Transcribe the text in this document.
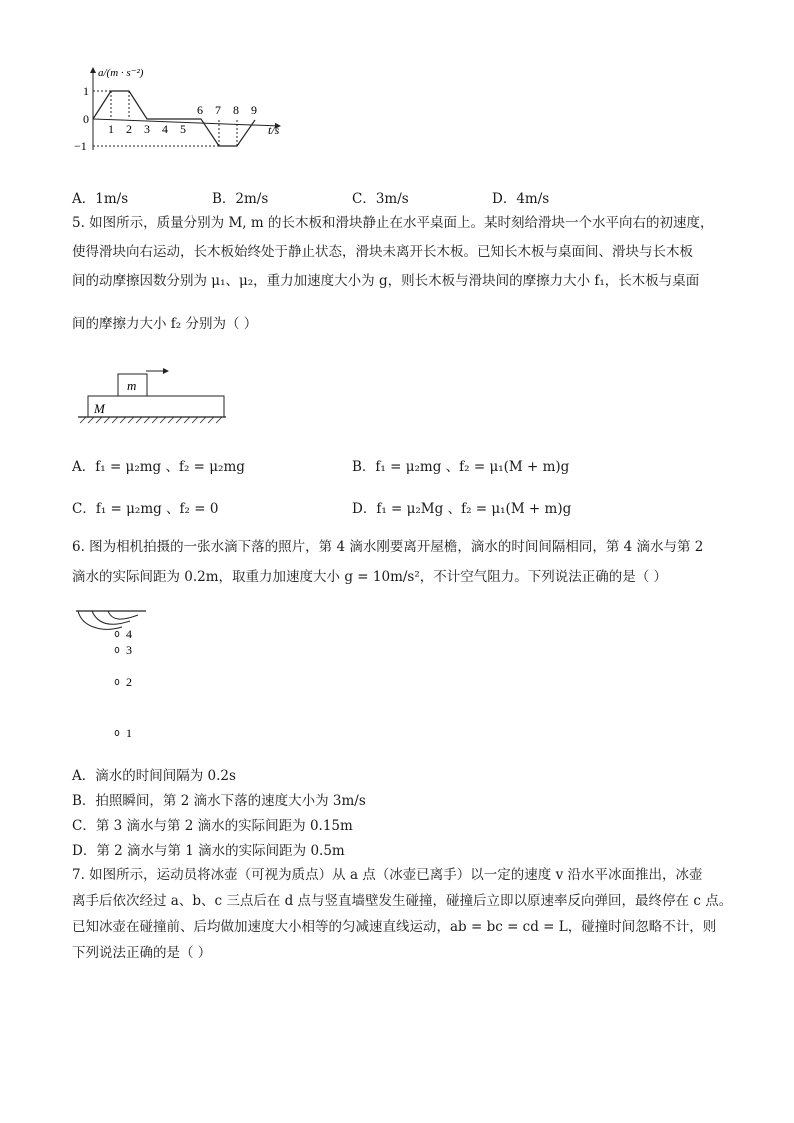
a/(m · s⁻²)
t/s
1
0
−1
1 2 3 4 5
6 7 8 9
A．1m/s	B．2m/s	C．3m/s	D．4m/s
5. 如图所示，质量分别为 M, m 的长木板和滑块静止在水平桌面上。某时刻给滑块一个水平向右的初速度，
使得滑块向右运动，长木板始终处于静止状态，滑块未离开长木板。已知长木板与桌面间、滑块与长木板
间的动摩擦因数分别为 μ₁、μ₂，重力加速度大小为 g，则长木板与滑块间的摩擦力大小 f₁，长木板与桌面
间的摩擦力大小 f₂ 分别为（ ）
m
M
A．f₁ = μ₂mg 、f₂ = μ₂mg	B．f₁ = μ₂mg 、f₂ = μ₁(M + m)g
C．f₁ = μ₂mg 、f₂ = 0	D．f₁ = μ₂Mg 、f₂ = μ₁(M + m)g
6. 图为相机拍摄的一张水滴下落的照片，第 4 滴水刚要离开屋檐，滴水的时间间隔相同，第 4 滴水与第 2
滴水的实际间距为 0.2m，取重力加速度大小 g = 10m/s²，不计空气阻力。下列说法正确的是（ ）
4
3
2
1
A．滴水的时间间隔为 0.2s
B．拍照瞬间，第 2 滴水下落的速度大小为 3m/s
C．第 3 滴水与第 2 滴水的实际间距为 0.15m
D．第 2 滴水与第 1 滴水的实际间距为 0.5m
7. 如图所示，运动员将冰壶（可视为质点）从 a 点（冰壶已离手）以一定的速度 v 沿水平冰面推出，冰壶
离手后依次经过 a、b、c 三点后在 d 点与竖直墙壁发生碰撞，碰撞后立即以原速率反向弹回，最终停在 c 点。
已知冰壶在碰撞前、后均做加速度大小相等的匀减速直线运动，ab = bc = cd = L，碰撞时间忽略不计，则
下列说法正确的是（ ）
